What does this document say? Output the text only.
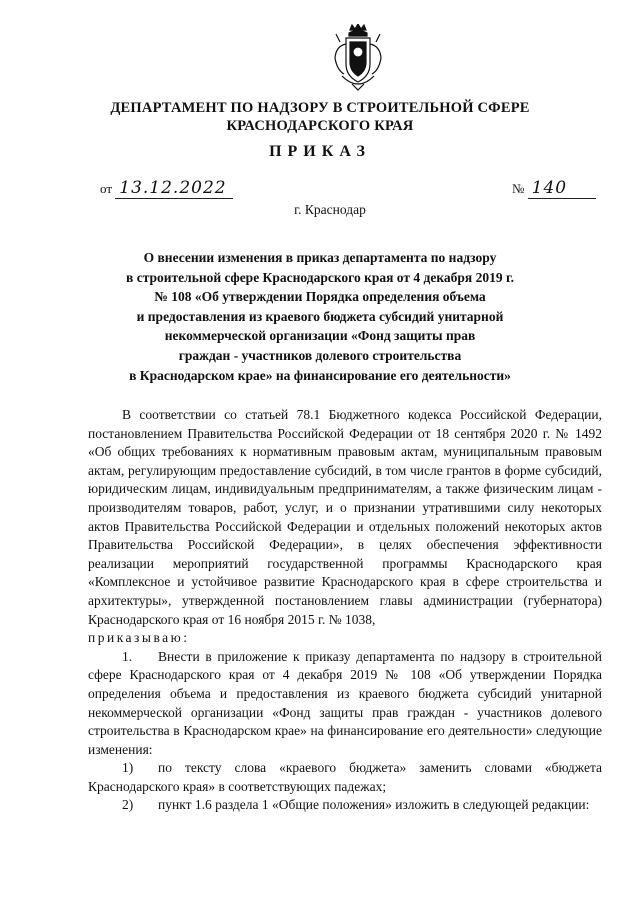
ДЕПАРТАМЕНТ ПО НАДЗОРУ В СТРОИТЕЛЬНОЙ СФЕРЕ
КРАСНОДАРСКОГО КРАЯ
ПРИКАЗ
от 13.12.2022	№ 140
г. Краснодар
О внесении изменения в приказ департамента по надзору
в строительной сфере Краснодарского края от 4 декабря 2019 г.
№ 108 «Об утверждении Порядка определения объема
и предоставления из краевого бюджета субсидий унитарной
некоммерческой организации «Фонд защиты прав
граждан - участников долевого строительства
в Краснодарском крае» на финансирование его деятельности»

В соответствии со статьей 78.1 Бюджетного кодекса Российской Федерации, постановлением Правительства Российской Федерации от 18 сентября 2020 г. № 1492 «Об общих требованиях к нормативным правовым актам, муниципальным правовым актам, регулирующим предоставление субсидий, в том числе грантов в форме субсидий, юридическим лицам, индивидуальным предпринимателям, а также физическим лицам - производителям товаров, работ, услуг, и о признании утратившими силу некоторых актов Правительства Российской Федерации и отдельных положений некоторых актов Правительства Российской Федерации», в целях обеспечения эффективности реализации мероприятий государственной программы Краснодарского края «Комплексное и устойчивое развитие Краснодарского края в сфере строительства и архитектуры», утвержденной постановлением главы администрации (губернатора) Краснодарского края от 16 ноября 2015 г. № 1038,

приказываю:

1. Внести в приложение к приказу департамента по надзору в строительной сфере Краснодарского края от 4 декабря 2019 № 108 «Об утверждении Порядка определения объема и предоставления из краевого бюджета субсидий унитарной некоммерческой организации «Фонд защиты прав граждан - участников долевого строительства в Краснодарском крае» на финансирование его деятельности» следующие изменения:

1) по тексту слова «краевого бюджета» заменить словами «бюджета Краснодарского края» в соответствующих падежах;

2) пункт 1.6 раздела 1 «Общие положения» изложить в следующей редакции:
